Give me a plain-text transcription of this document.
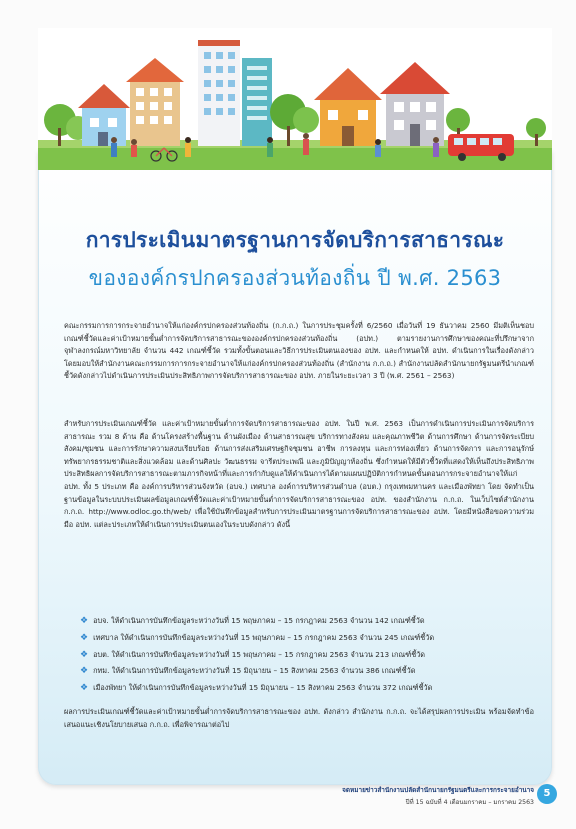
การประเมินมาตรฐานการจัดบริการสาธารณะ
ขององค์กรปกครองส่วนท้องถิ่น ปี พ.ศ. 2563
คณะกรรมการการกระจายอำนาจให้แก่องค์กรปกครองส่วนท้องถิ่น (ก.ก.ถ.) ในการประชุมครั้งที่ 6/2560 เมื่อวันที่ 19 ธันวาคม 2560 มีมติเห็นชอบเกณฑ์ชี้วัดและค่าเป้าหมายขั้นต่ำการจัดบริการสาธารณะขององค์กรปกครองส่วนท้องถิ่น (อปท.) ตามรายงานการศึกษาของคณะที่ปรึกษาจากจุฬาลงกรณ์มหาวิทยาลัย จำนวน 442 เกณฑ์ชี้วัด รวมทั้งขั้นตอนและวิธีการประเมินตนเองของ อปท. และกำหนดให้ อปท. ดำเนินการในเรื่องดังกล่าว โดยมอบให้สำนักงานคณะกรรมการการกระจายอำนาจให้แก่องค์กรปกครองส่วนท้องถิ่น (สำนักงาน ก.ก.ถ.) สำนักงานปลัดสำนักนายกรัฐมนตรีนำเกณฑ์ชี้วัดดังกล่าวไปดำเนินการประเมินประสิทธิภาพการจัดบริการสาธารณะของ อปท. ภายในระยะเวลา 3 ปี (พ.ศ. 2561 – 2563)
สำหรับการประเมินเกณฑ์ชี้วัด และค่าเป้าหมายขั้นต่ำการจัดบริการสาธารณะของ อปท. ในปี พ.ศ. 2563 เป็นการดำเนินการประเมินการจัดบริการสาธารณะ รวม 8 ด้าน คือ ด้านโครงสร้างพื้นฐาน ด้านผังเมือง ด้านสาธารณสุข บริการทางสังคม และคุณภาพชีวิต ด้านการศึกษา ด้านการจัดระเบียบสังคม/ชุมชน และการรักษาความสงบเรียบร้อย ด้านการส่งเสริมเศรษฐกิจชุมชน อาชีพ การลงทุน และการท่องเที่ยว ด้านการจัดการ และการอนุรักษ์ทรัพยากรธรรมชาติและสิ่งแวดล้อม และด้านศิลปะ วัฒนธรรม จารีตประเพณี และภูมิปัญญาท้องถิ่น ซึ่งกำหนดให้มีตัวชี้วัดที่แสดงให้เห็นถึงประสิทธิภาพ ประสิทธิผลการจัดบริการสาธารณะตามภารกิจหน้าที่และการกำกับดูแลให้ดำเนินการได้ตามแผนปฏิบัติการกำหนดขั้นตอนการกระจายอำนาจให้แก่ อปท. ทั้ง 5 ประเภท คือ องค์การบริหารส่วนจังหวัด (อบจ.) เทศบาล องค์การบริหารส่วนตำบล (อบต.) กรุงเทพมหานคร และเมืองพัทยา โดย จัดทำเป็นฐานข้อมูลในระบบประเมินผลข้อมูลเกณฑ์ชี้วัดและค่าเป้าหมายขั้นต่ำการจัดบริการสาธารณะของ อปท. ของสำนักงาน ก.ก.ถ. ในเว็บไซต์สำนักงาน ก.ก.ถ. http://www.odloc.go.th/web/ เพื่อใช้บันทึกข้อมูลสำหรับการประเมินมาตรฐานการจัดบริการสาธารณะของ อปท. โดยมีหนังสือขอความร่วมมือ อปท. แต่ละประเภทให้ดำเนินการประเมินตนเองในระบบดังกล่าว ดังนี้
❖ อบจ. ให้ดำเนินการบันทึกข้อมูลระหว่างวันที่ 15 พฤษภาคม – 15 กรกฎาคม 2563 จำนวน 142 เกณฑ์ชี้วัด
❖ เทศบาล ให้ดำเนินการบันทึกข้อมูลระหว่างวันที่ 15 พฤษภาคม – 15 กรกฎาคม 2563 จำนวน 245 เกณฑ์ชี้วัด
❖ อบต. ให้ดำเนินการบันทึกข้อมูลระหว่างวันที่ 15 พฤษภาคม – 15 กรกฎาคม 2563 จำนวน 213 เกณฑ์ชี้วัด
❖ กทม. ให้ดำเนินการบันทึกข้อมูลระหว่างวันที่ 15 มิถุนายน – 15 สิงหาคม 2563 จำนวน 386 เกณฑ์ชี้วัด
❖ เมืองพัทยา ให้ดำเนินการบันทึกข้อมูลระหว่างวันที่ 15 มิถุนายน – 15 สิงหาคม 2563 จำนวน 372 เกณฑ์ชี้วัด
ผลการประเมินเกณฑ์ชี้วัดและค่าเป้าหมายขั้นต่ำการจัดบริการสาธารณะของ อปท. ดังกล่าว สำนักงาน ก.ก.ถ. จะได้สรุปผลการประเมิน พร้อมจัดทำข้อเสนอแนะเชิงนโยบายเสนอ ก.ก.ถ. เพื่อพิจารณาต่อไป
จดหมายข่าวสำนักงานปลัดสำนักนายกรัฐมนตรีและการกระจายอำนาจ
ปีที่ 15 ฉบับที่ 4 เดือนมกราคม – มกราคม 2563
5
